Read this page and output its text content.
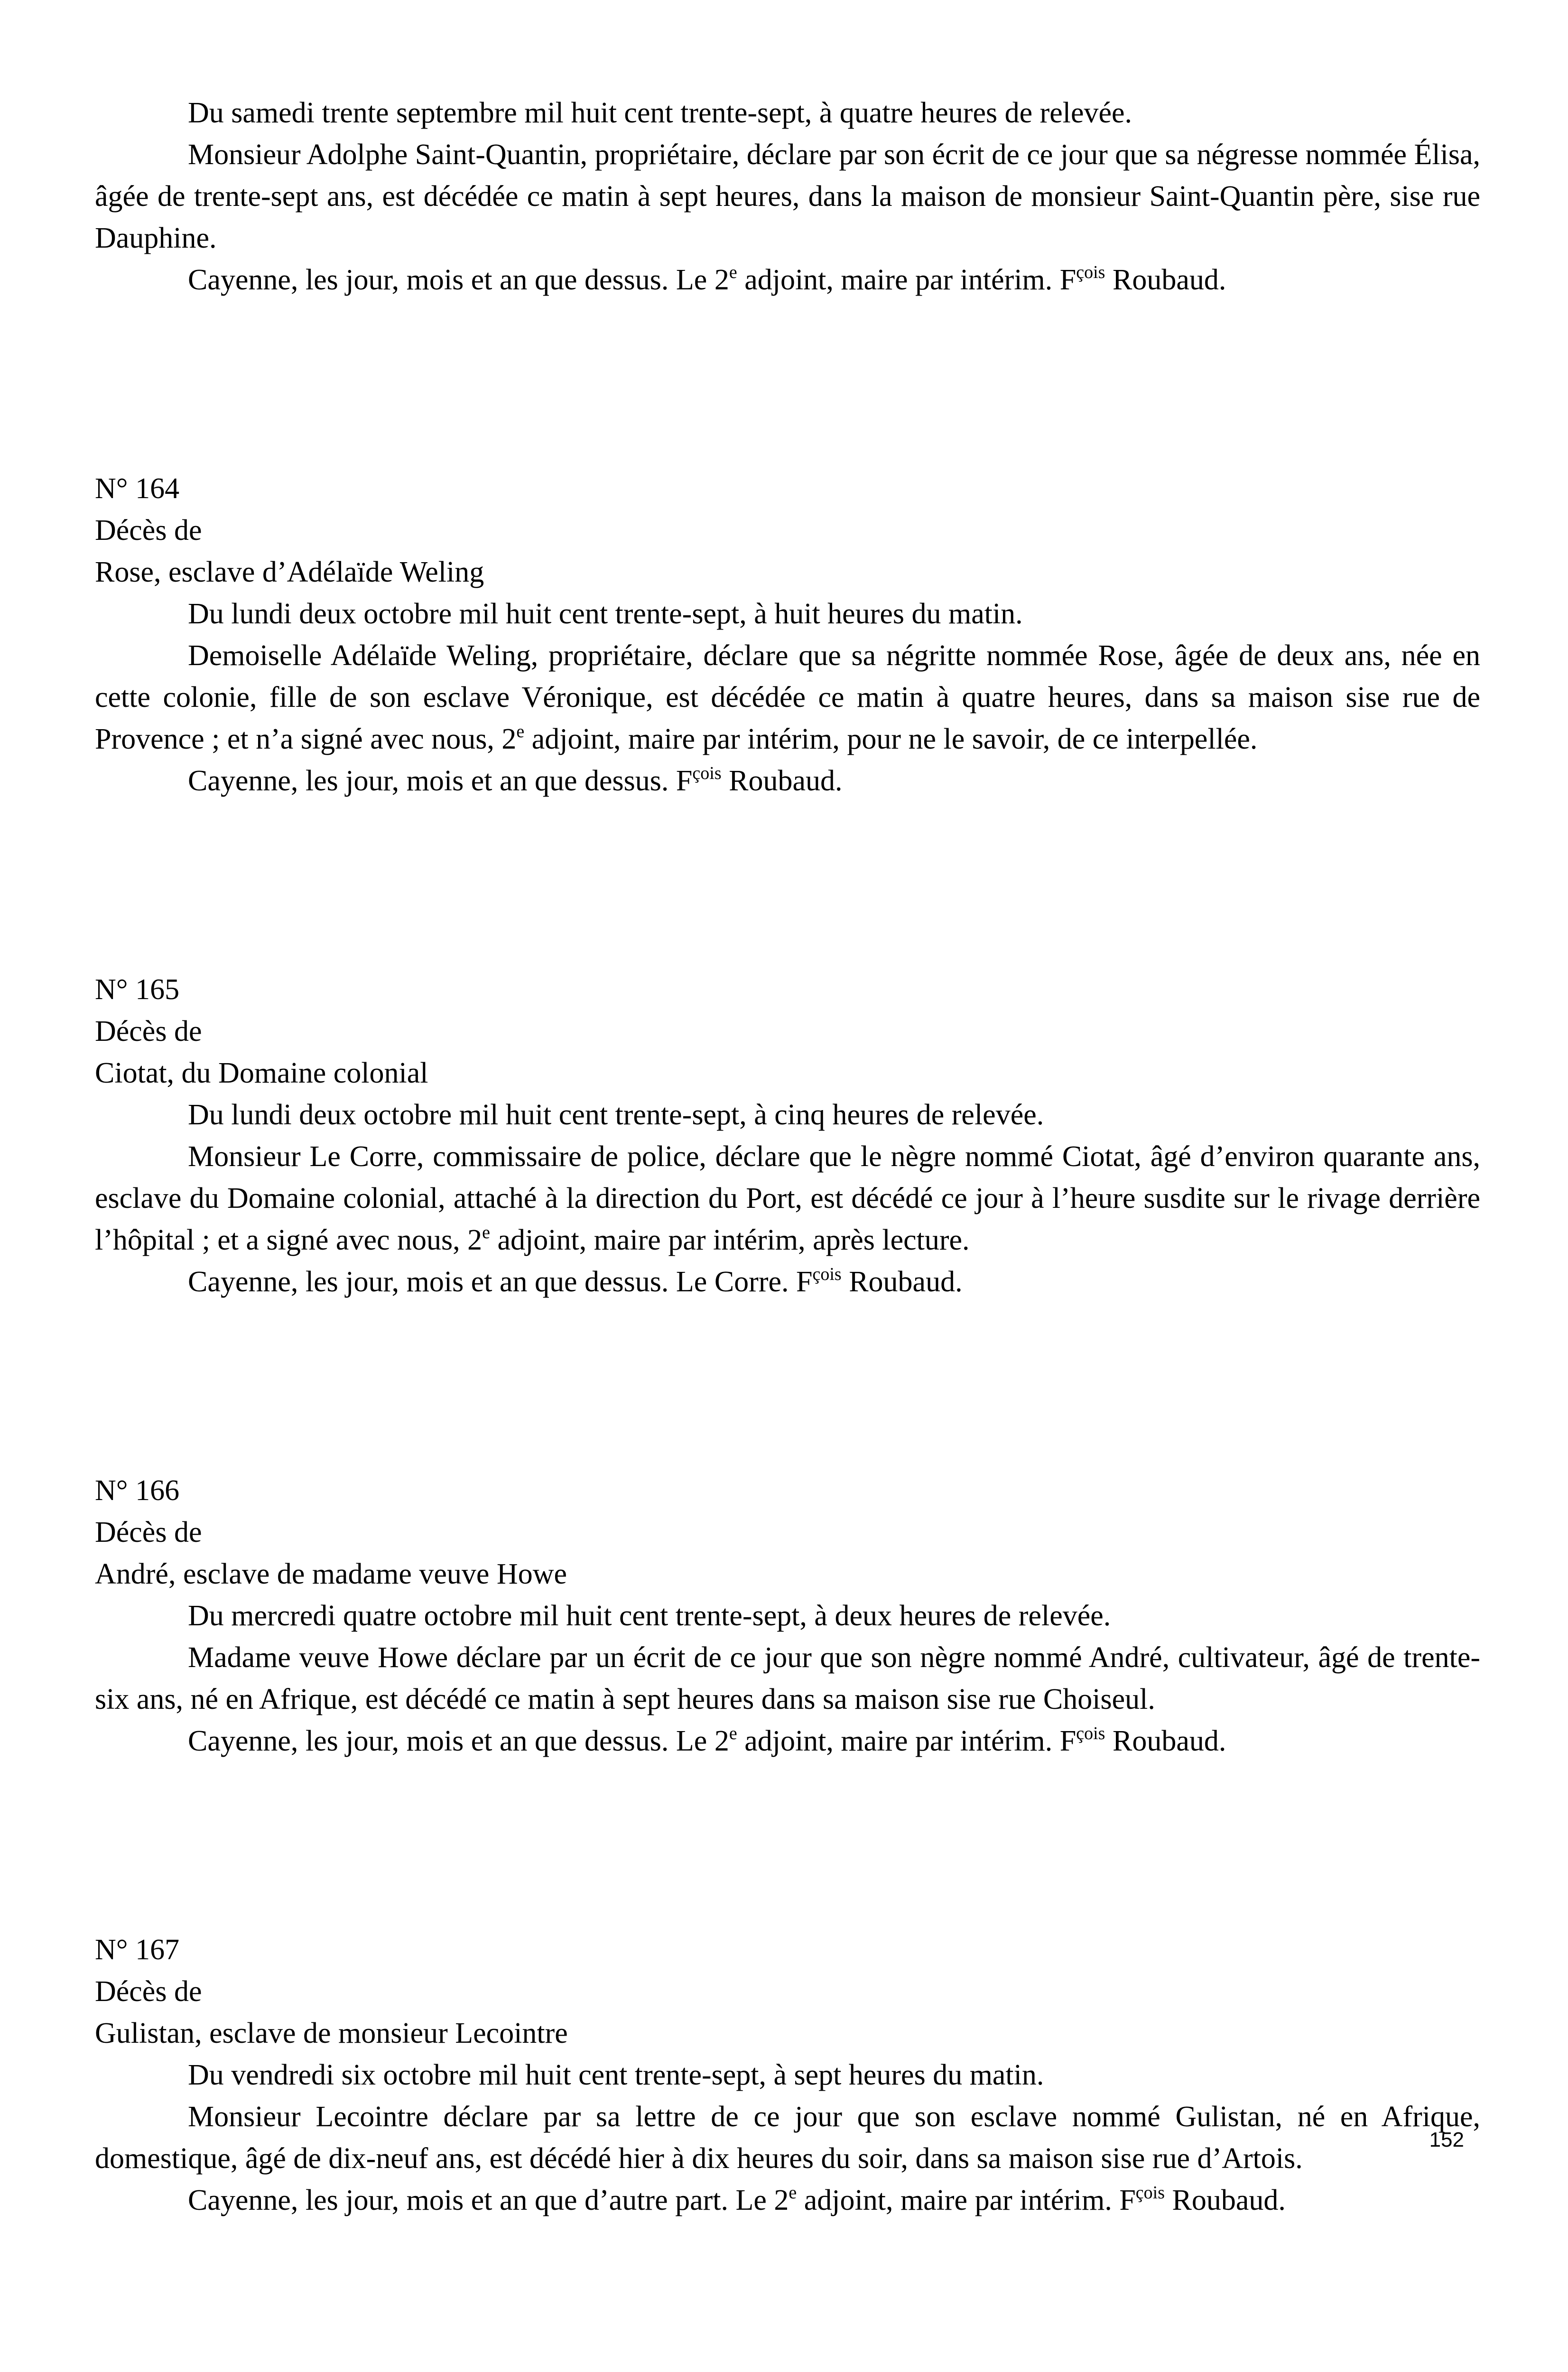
Du samedi trente septembre mil huit cent trente-sept, à quatre heures de relevée.

Monsieur Adolphe Saint-Quantin, propriétaire, déclare par son écrit de ce jour que sa négresse nommée Élisa, âgée de trente-sept ans, est décédée ce matin à sept heures, dans la maison de monsieur Saint-Quantin père, sise rue Dauphine.

Cayenne, les jour, mois et an que dessus. Le 2e adjoint, maire par intérim. $F^{çois}$ Roubaud.

N° 164

Décès de

Rose, esclave d’Adélaïde Weling

Du lundi deux octobre mil huit cent trente-sept, à huit heures du matin.

Demoiselle Adélaïde Weling, propriétaire, déclare que sa négritte nommée Rose, âgée de deux ans, née en cette colonie, fille de son esclave Véronique, est décédée ce matin à quatre heures, dans sa maison sise rue de Provence ; et n’a signé avec nous, 2e adjoint, maire par intérim, pour ne le savoir, de ce interpellée.

Cayenne, les jour, mois et an que dessus. $F^{çois}$ Roubaud.

N° 165

Décès de

Ciotat, du Domaine colonial

Du lundi deux octobre mil huit cent trente-sept, à cinq heures de relevée.

Monsieur Le Corre, commissaire de police, déclare que le nègre nommé Ciotat, âgé d’environ quarante ans, esclave du Domaine colonial, attaché à la direction du Port, est décédé ce jour à l’heure susdite sur le rivage derrière l’hôpital ; et a signé avec nous, 2e adjoint, maire par intérim, après lecture.

Cayenne, les jour, mois et an que dessus. Le Corre. $F^{çois}$ Roubaud.

N° 166

Décès de

André, esclave de madame veuve Howe

Du mercredi quatre octobre mil huit cent trente-sept, à deux heures de relevée.

Madame veuve Howe déclare par un écrit de ce jour que son nègre nommé André, cultivateur, âgé de trente-six ans, né en Afrique, est décédé ce matin à sept heures dans sa maison sise rue Choiseul.

Cayenne, les jour, mois et an que dessus. Le 2e adjoint, maire par intérim. $F^{çois}$ Roubaud.

N° 167

Décès de

Gulistan, esclave de monsieur Lecointre

Du vendredi six octobre mil huit cent trente-sept, à sept heures du matin.

Monsieur Lecointre déclare par sa lettre de ce jour que son esclave nommé Gulistan, né en Afrique, domestique, âgé de dix-neuf ans, est décédé hier à dix heures du soir, dans sa maison sise rue d’Artois.

Cayenne, les jour, mois et an que d’autre part. Le 2e adjoint, maire par intérim. $F^{çois}$ Roubaud.

152
